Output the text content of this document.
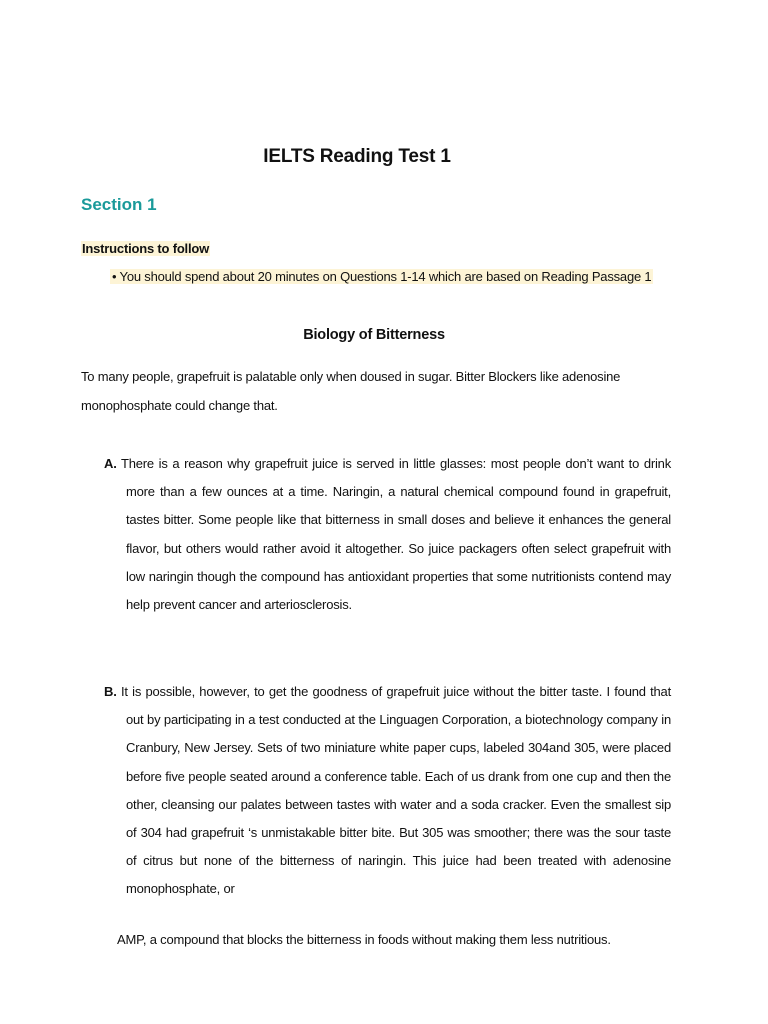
IELTS Reading Test 1
Section 1
Instructions to follow
• You should spend about 20 minutes on Questions 1-14 which are based on Reading Passage 1
Biology of Bitterness
To many people, grapefruit is palatable only when doused in sugar. Bitter Blockers like adenosine monophosphate could change that.
A. There is a reason why grapefruit juice is served in little glasses: most people don’t want to drink more than a few ounces at a time. Naringin, a natural chemical compound found in grapefruit, tastes bitter. Some people like that bitterness in small doses and believe it enhances the general flavor, but others would rather avoid it altogether. So juice packagers often select grapefruit with low naringin though the compound has antioxidant properties that some nutritionists contend may help prevent cancer and arteriosclerosis.
B. It is possible, however, to get the goodness of grapefruit juice without the bitter taste. I found that out by participating in a test conducted at the Linguagen Corporation, a biotechnology company in Cranbury, New Jersey. Sets of two miniature white paper cups, labeled 304and 305, were placed before five people seated around a conference table. Each of us drank from one cup and then the other, cleansing our palates between tastes with water and a soda cracker. Even the smallest sip of 304 had grapefruit ‘s unmistakable bitter bite. But 305 was smoother; there was the sour taste of citrus but none of the bitterness of naringin. This juice had been treated with adenosine monophosphate, or
AMP, a compound that blocks the bitterness in foods without making them less nutritious.
